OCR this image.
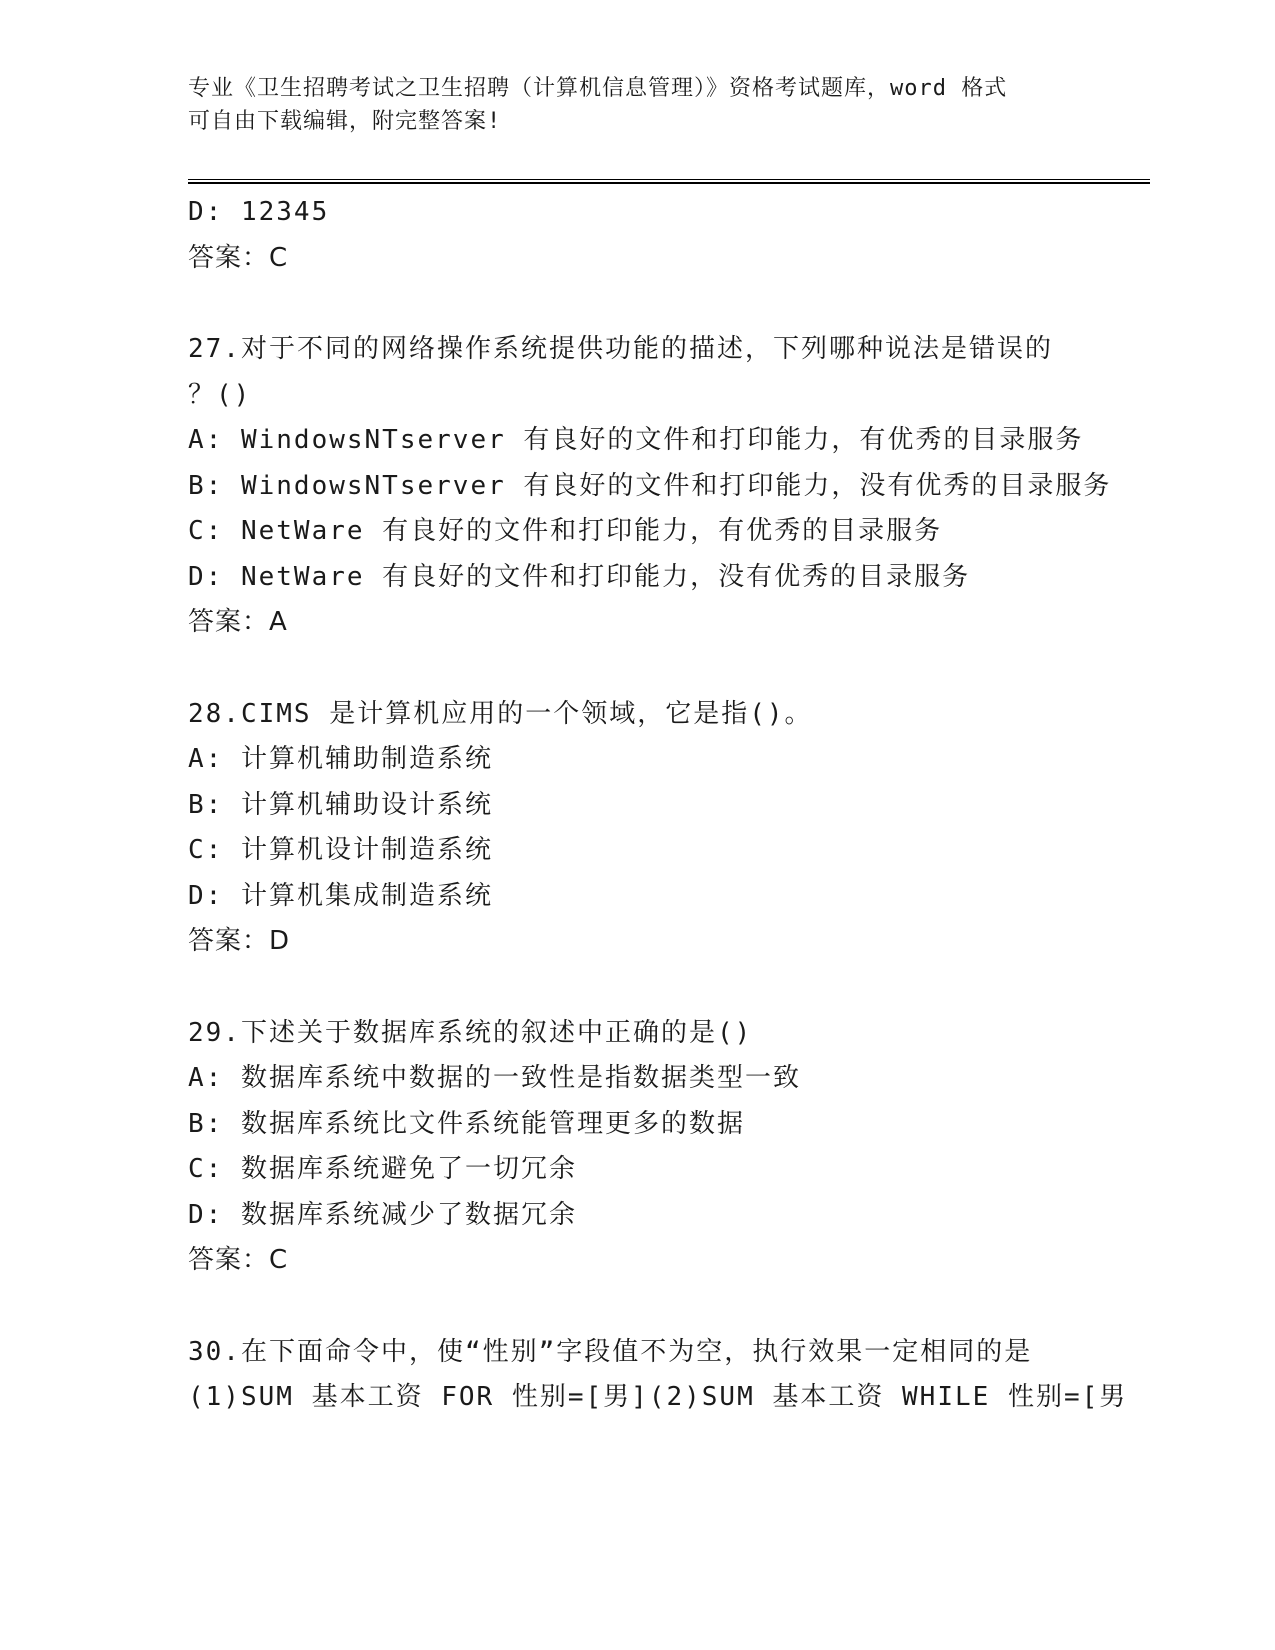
专业《卫生招聘考试之卫生招聘（计算机信息管理）》资格考试题库，word 格式
可自由下载编辑，附完整答案!
D: 12345
答案：C
27.对于不同的网络操作系统提供功能的描述，下列哪种说法是错误的
？()
A: WindowsNTserver 有良好的文件和打印能力，有优秀的目录服务
B: WindowsNTserver 有良好的文件和打印能力，没有优秀的目录服务
C: NetWare 有良好的文件和打印能力，有优秀的目录服务
D: NetWare 有良好的文件和打印能力，没有优秀的目录服务
答案：A
28.CIMS 是计算机应用的一个领域，它是指()。
A: 计算机辅助制造系统
B: 计算机辅助设计系统
C: 计算机设计制造系统
D: 计算机集成制造系统
答案：D
29.下述关于数据库系统的叙述中正确的是()
A: 数据库系统中数据的一致性是指数据类型一致
B: 数据库系统比文件系统能管理更多的数据
C: 数据库系统避免了一切冗余
D: 数据库系统减少了数据冗余
答案：C
30.在下面命令中，使“性别”字段值不为空，执行效果一定相同的是
(1)SUM 基本工资 FOR 性别=[男](2)SUM 基本工资 WHILE 性别=[男
